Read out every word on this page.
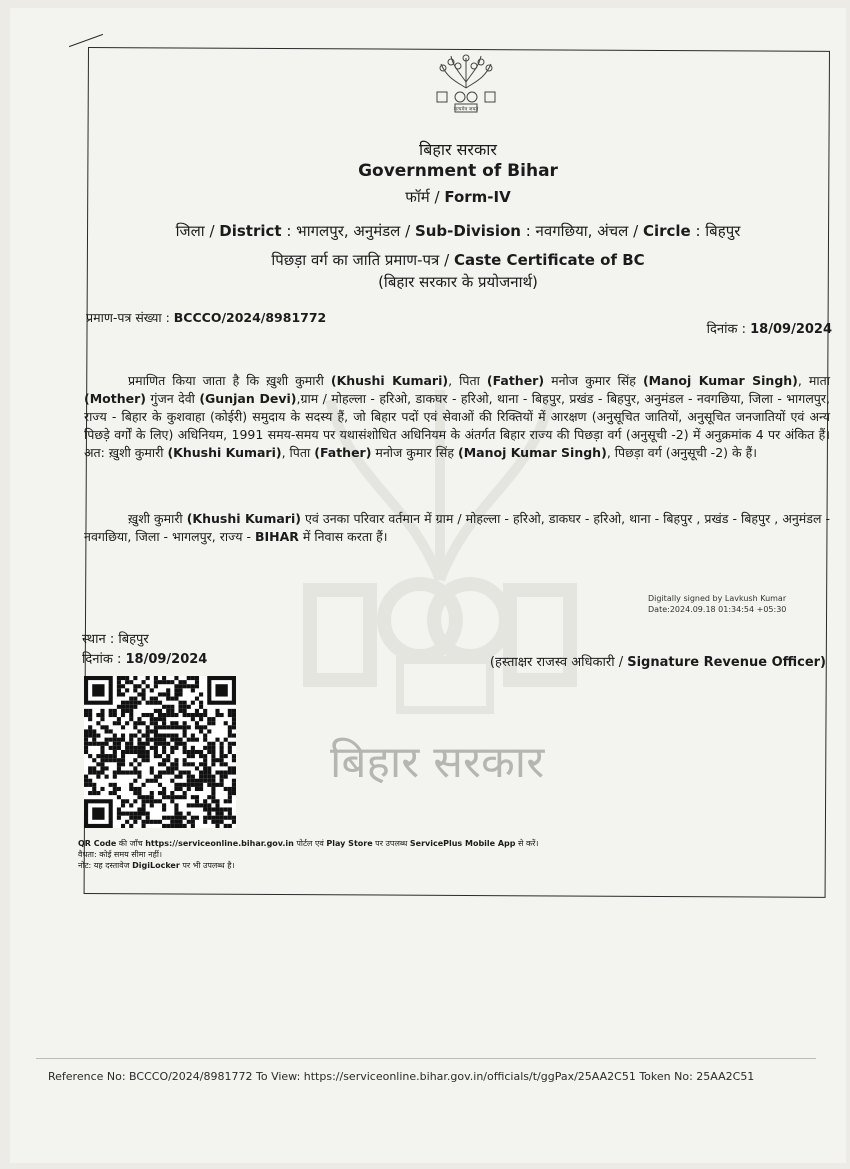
बिहार सरकार
सत्यमेव जयते
बिहार सरकार
Government of Bihar
फॉर्म / Form-IV
जिला / District : भागलपुर, अनुमंडल / Sub-Division : नवगछिया, अंचल / Circle : बिहपुर
पिछड़ा वर्ग का जाति प्रमाण-पत्र / Caste Certificate of BC
(बिहार सरकार के प्रयोजनार्थ)
प्रमाण-पत्र संख्या : BCCCO/2024/8981772
दिनांक : 18/09/2024
प्रमाणित किया जाता है कि ख़ुशी कुमारी (Khushi Kumari), पिता (Father) मनोज कुमार सिंह (Manoj Kumar Singh), माता (Mother) गुंजन देवी (Gunjan Devi),ग्राम / मोहल्ला - हरिओ, डाकघर - हरिओ, थाना - बिहपुर, प्रखंड - बिहपुर, अनुमंडल - नवगछिया, जिला - भागलपुर, राज्य - बिहार के कुशवाहा (कोईरी) समुदाय के सदस्य हैं, जो बिहार पदों एवं सेवाओं की रिक्तियों में आरक्षण (अनुसूचित जातियों, अनुसूचित जनजातियों एवं अन्य पिछड़े वर्गों के लिए) अधिनियम, 1991 समय-समय पर यथासंशोधित अधिनियम के अंतर्गत बिहार राज्य की पिछड़ा वर्ग (अनुसूची -2) में अनुक्रमांक 4 पर अंकित हैं। अत: ख़ुशी कुमारी (Khushi Kumari), पिता (Father) मनोज कुमार सिंह (Manoj Kumar Singh), पिछड़ा वर्ग (अनुसूची -2) के हैं।
ख़ुशी कुमारी (Khushi Kumari) एवं उनका परिवार वर्तमान में ग्राम / मोहल्ला - हरिओ, डाकघर - हरिओ, थाना - बिहपुर , प्रखंड - बिहपुर , अनुमंडल - नवगछिया, जिला - भागलपुर, राज्य - BIHAR में निवास करता हैं।
Digitally signed by Lavkush Kumar
Date:2024.09.18 01:34:54 +05:30
स्थान : बिहपुर
दिनांक : 18/09/2024	(हस्ताक्षर राजस्व अधिकारी / Signature Revenue Officer)
QR Code की जाँच https://serviceonline.bihar.gov.in पोर्टल एवं Play Store पर उपलब्ध ServicePlus Mobile App से करें।
वैधता: कोई समय सीमा नहीं।
नोट: यह दस्तावेज DigiLocker पर भी उपलब्ध है।
Reference No: BCCCO/2024/8981772 To View: https://serviceonline.bihar.gov.in/officials/t/ggPax/25AA2C51 Token No: 25AA2C51
